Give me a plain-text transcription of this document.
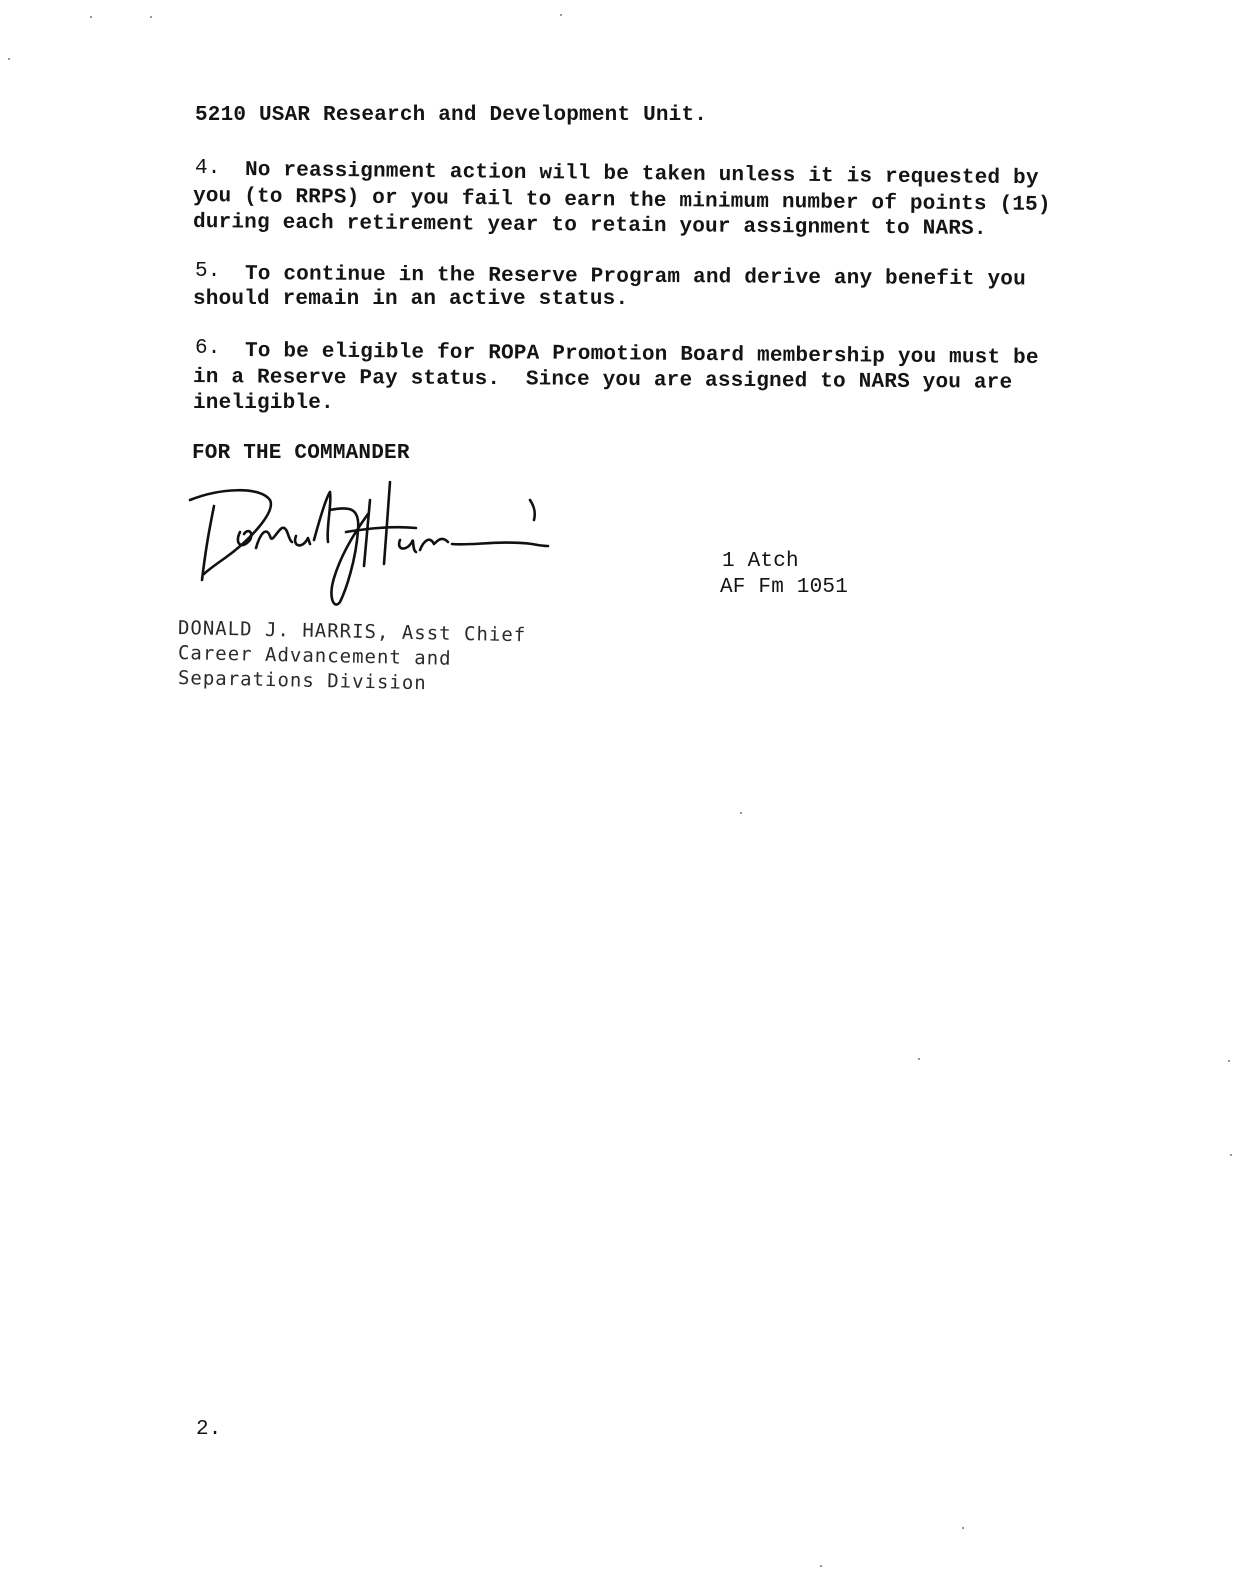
5210 USAR Research and Development Unit.
4. No reassignment action will be taken unless it is requested by
you (to RRPS) or you fail to earn the minimum number of points (15)
during each retirement year to retain your assignment to NARS.
5. To continue in the Reserve Program and derive any benefit you
should remain in an active status.
6. To be eligible for ROPA Promotion Board membership you must be
in a Reserve Pay status.  Since you are assigned to NARS you are
ineligible.
FOR THE COMMANDER
1 Atch
AF Fm 1051
DONALD J. HARRIS, Asst Chief
Career Advancement and
Separations Division
2.
